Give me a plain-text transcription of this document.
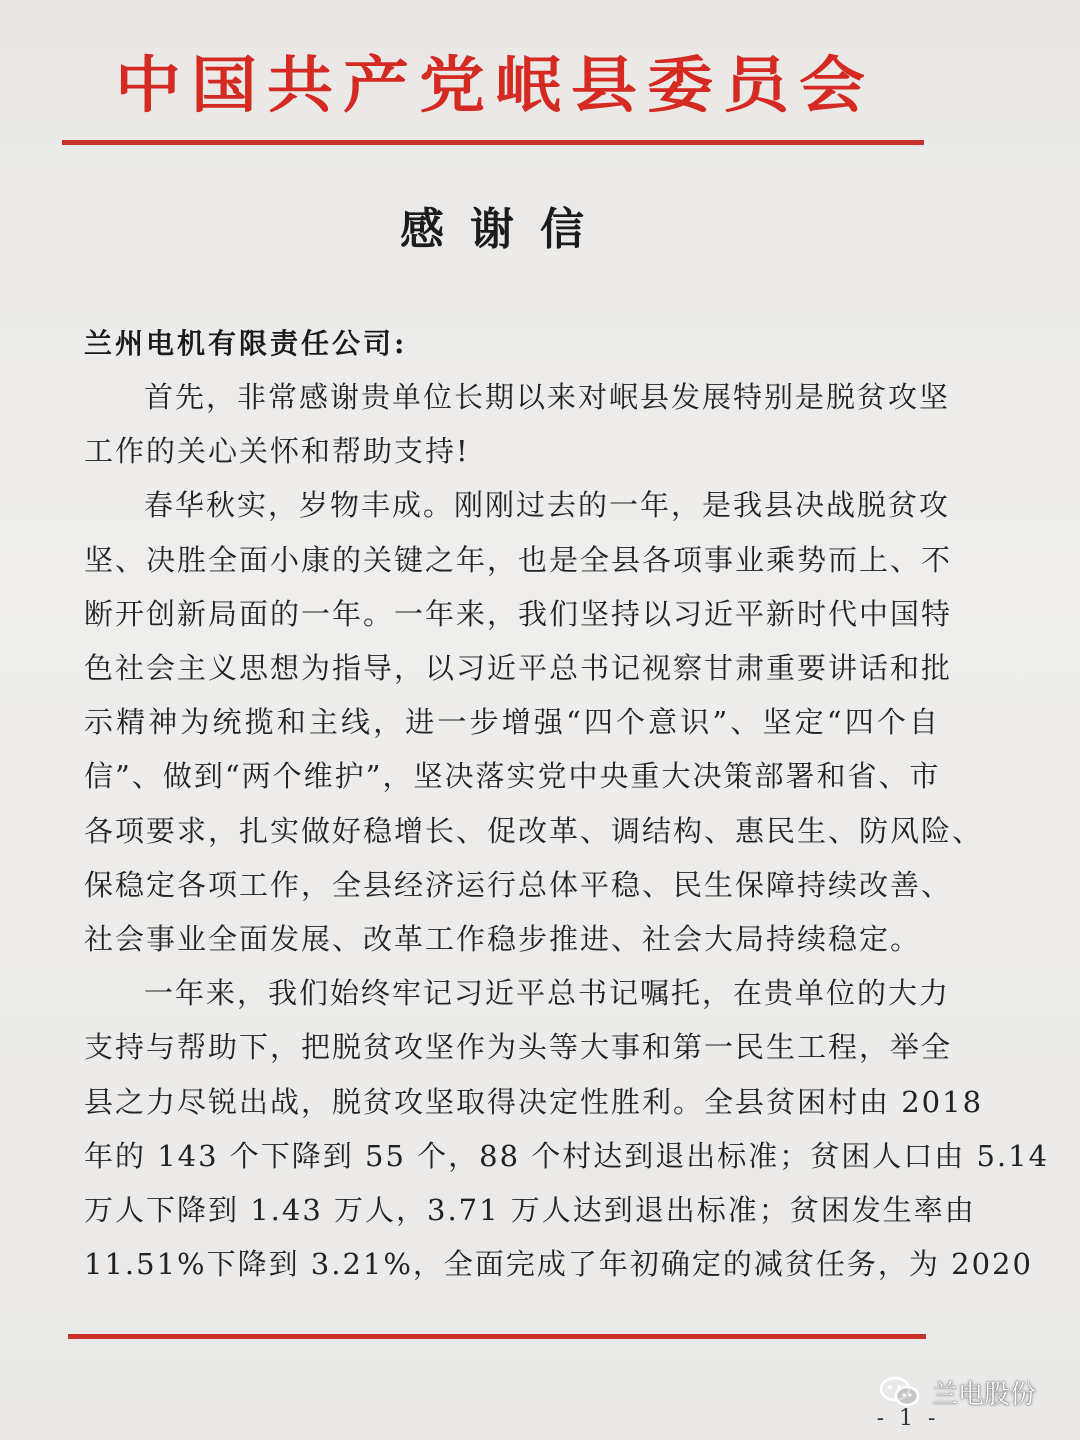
中国共产党岷县委员会
感谢信
兰州电机有限责任公司:
首先，非常感谢贵单位长期以来对岷县发展特别是脱贫攻坚
工作的关心关怀和帮助支持!
春华秋实，岁物丰成。刚刚过去的一年，是我县决战脱贫攻
坚、决胜全面小康的关键之年，也是全县各项事业乘势而上、不
断开创新局面的一年。一年来，我们坚持以习近平新时代中国特
色社会主义思想为指导，以习近平总书记视察甘肃重要讲话和批
示精神为统揽和主线，进一步增强“四个意识”、坚定“四个自
信”、做到“两个维护”，坚决落实党中央重大决策部署和省、市
各项要求，扎实做好稳增长、促改革、调结构、惠民生、防风险、
保稳定各项工作，全县经济运行总体平稳、民生保障持续改善、
社会事业全面发展、改革工作稳步推进、社会大局持续稳定。
一年来，我们始终牢记习近平总书记嘱托，在贵单位的大力
支持与帮助下，把脱贫攻坚作为头等大事和第一民生工程，举全
县之力尽锐出战，脱贫攻坚取得决定性胜利。全县贫困村由 2018
年的 143 个下降到 55 个，88 个村达到退出标准；贫困人口由 5.14
万人下降到 1.43 万人，3.71 万人达到退出标准；贫困发生率由
11.51%下降到 3.21%，全面完成了年初确定的减贫任务，为 2020
兰电股份
- 1 -
